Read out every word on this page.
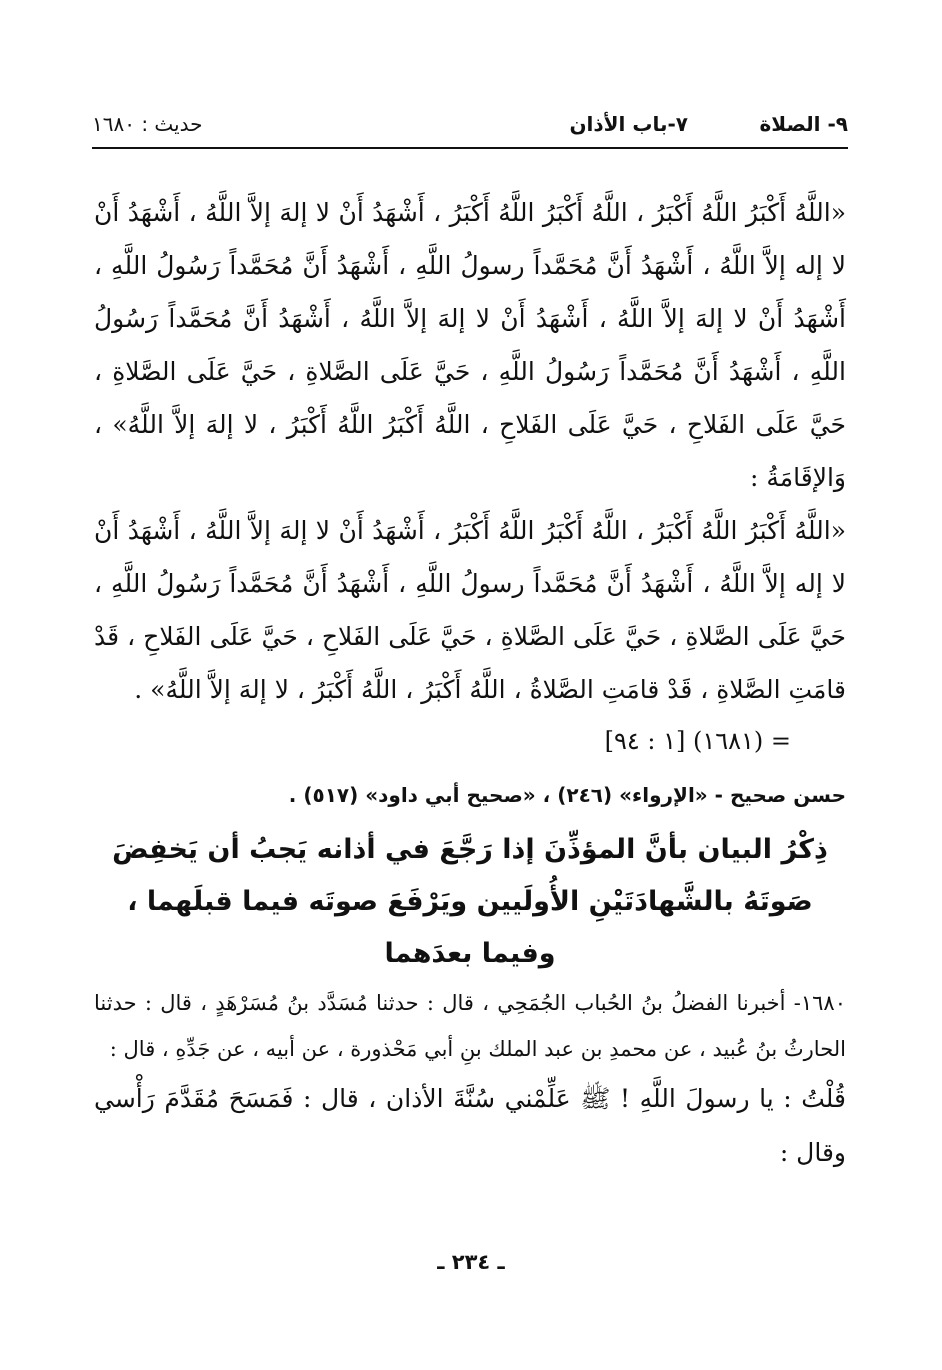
٩- الصلاة
٧-باب الأذان
حديث : ١٦٨٠

«اللَّهُ أَكْبَرُ اللَّهُ أَكْبَرُ ، اللَّهُ أَكْبَرُ اللَّهُ أَكْبَرُ ، أَشْهَدُ أَنْ لا إلهَ إلاَّ اللَّهُ ، أَشْهَدُ أَنْ لا إله إلاَّ اللَّهُ ، أَشْهَدُ أَنَّ مُحَمَّداً رسولُ اللَّهِ ، أَشْهَدُ أَنَّ مُحَمَّداً رَسُولُ اللَّهِ ، أَشْهَدُ أَنْ لا إلهَ إلاَّ اللَّهُ ، أَشْهَدُ أَنْ لا إلهَ إلاَّ اللَّهُ ، أَشْهَدُ أَنَّ مُحَمَّداً رَسُولُ اللَّهِ ، أَشْهَدُ أَنَّ مُحَمَّداً رَسُولُ اللَّهِ ، حَيَّ عَلَى الصَّلاةِ ، حَيَّ عَلَى الصَّلاةِ ، حَيَّ عَلَى الفَلاحِ ، حَيَّ عَلَى الفَلاحِ ، اللَّهُ أَكْبَرُ اللَّهُ أَكْبَرُ ، لا إلهَ إلاَّ اللَّهُ» ، وَالإقَامَةُ :

«اللَّهُ أَكْبَرُ اللَّهُ أَكْبَرُ ، اللَّهُ أَكْبَرُ اللَّهُ أَكْبَرُ ، أَشْهَدُ أَنْ لا إلهَ إلاَّ اللَّهُ ، أَشْهَدُ أَنْ لا إله إلاَّ اللَّهُ ، أَشْهَدُ أَنَّ مُحَمَّداً رسولُ اللَّهِ ، أَشْهَدُ أَنَّ مُحَمَّداً رَسُولُ اللَّهِ ، حَيَّ عَلَى الصَّلاةِ ، حَيَّ عَلَى الصَّلاةِ ، حَيَّ عَلَى الفَلاحِ ، حَيَّ عَلَى الفَلاحِ ، قَدْ قامَتِ الصَّلاةِ ، قَدْ قامَتِ الصَّلاةُ ، اللَّهُ أَكْبَرُ ، اللَّهُ أَكْبَرُ ، لا إلهَ إلاَّ اللَّهُ» .

= (١٦٨١) [١ : ٩٤]

حسن صحيح - «الإرواء» (٢٤٦) ، «صحيح أبي داود» (٥١٧) .

ذِكْرُ البيان بأنَّ المؤذِّنَ إذا رَجَّعَ في أذانه يَجبُ أن يَخفِضَ صَوتَهُ بالشَّهادَتَيْنِ الأُولَيين ويَرْفَعَ صوتَه فيما قبلَهما ، وفيما بعدَهما

١٦٨٠- أخبرنا الفضلُ بنُ الحُباب الجُمَحِي ، قال : حدثنا مُسَدَّد بنُ مُسَرْهَدٍ ، قال : حدثنا الحارثُ بنُ عُبيد ، عن محمدِ بن عبد الملك بنِ أبي مَحْذورة ، عن أبيه ، عن جَدِّهِ ، قال :

قُلْتُ : يا رسولَ اللَّهِ ! ﷺ عَلِّمْني سُنَّةَ الأذان ، قال : فَمَسَحَ مُقَدَّمَ رَأْسي وقال :

ـ ٢٣٤ ـ
